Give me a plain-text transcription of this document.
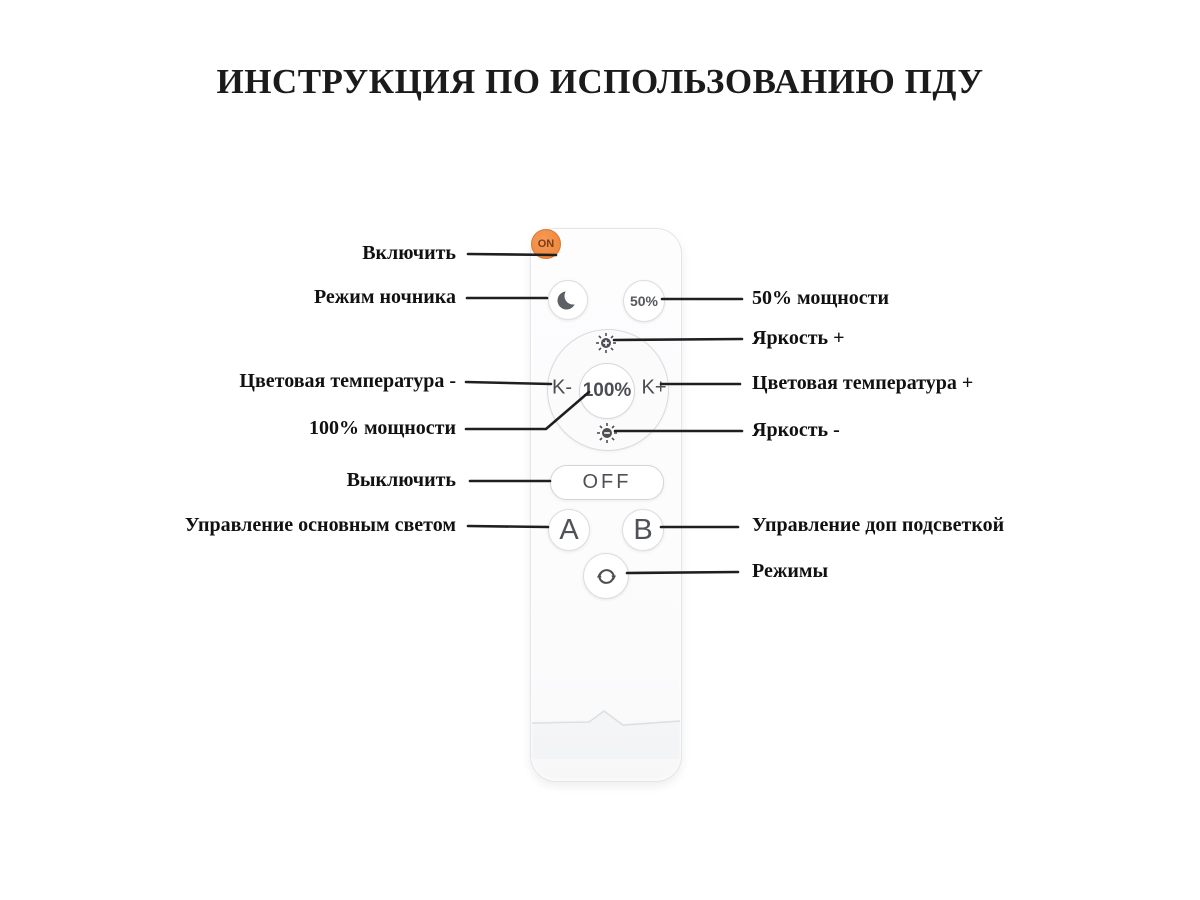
ИНСТРУКЦИЯ ПО ИСПОЛЬЗОВАНИЮ ПДУ
ON
50%
K- 100% K+
OFF
A B
Включить
Режим ночника
Цветовая температура -
100% мощности
Выключить
Управление основным светом
50% мощности
Яркость +
Цветовая температура +
Яркость -
Управление доп подсветкой
Режимы
